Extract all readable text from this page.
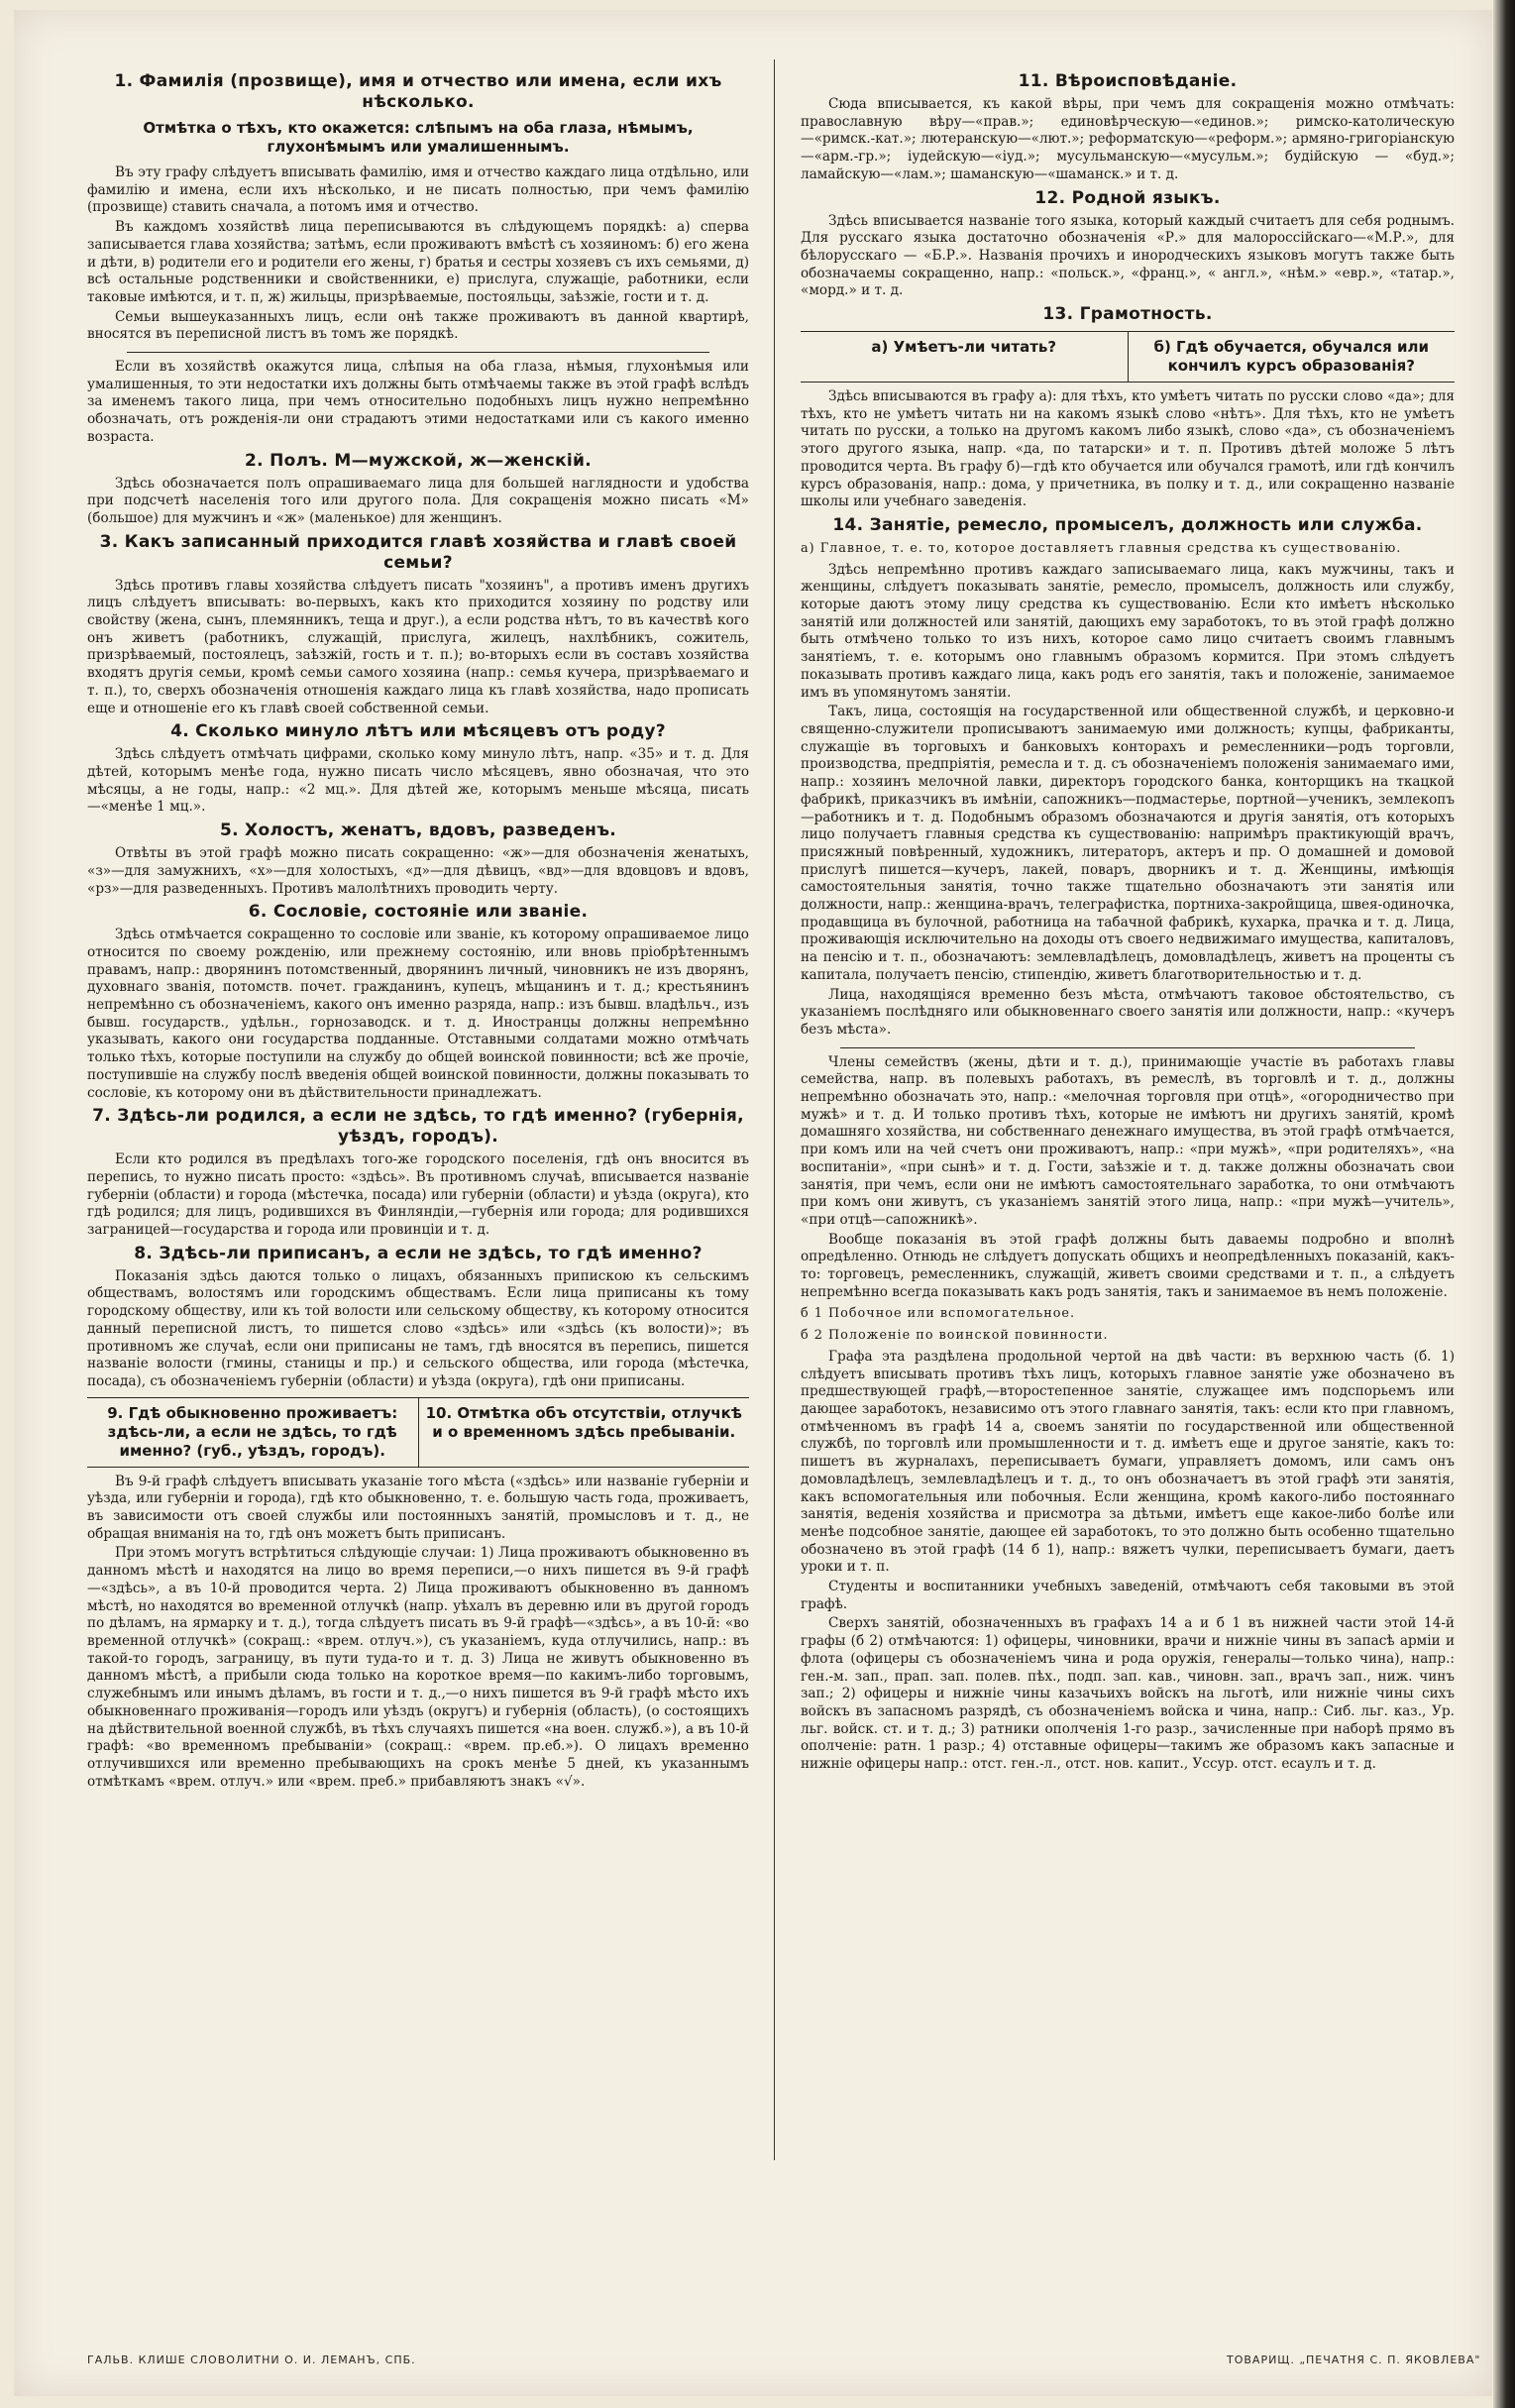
1. Фамилія (прозвище), имя и отчество или имена, если ихъ нѣсколько.
Отмѣтка о тѣхъ, кто окажется: слѣпымъ на оба глаза, нѣмымъ, глухонѣмымъ или умалишеннымъ.

Въ эту графу слѣдуетъ вписывать фамилію, имя и отчество каждаго лица отдѣльно, или фамилію и имена, если ихъ нѣсколько, и не писать полностью, при чемъ фамилію (прозвище) ставить сначала, а потомъ имя и отчество.

Въ каждомъ хозяйствѣ лица переписываются въ слѣдующемъ порядкѣ: а) сперва записывается глава хозяйства; затѣмъ, если проживаютъ вмѣстѣ съ хозяиномъ: б) его жена и дѣти, в) родители его и родители его жены, г) братья и сестры хозяевъ съ ихъ семьями, д) всѣ остальные родственники и свойственники, е) прислуга, служащіе, работники, если таковые имѣются, и т. п, ж) жильцы, призрѣваемые, постояльцы, заѣзжіе, гости и т. д.

Семьи вышеуказанныхъ лицъ, если онѣ также проживаютъ въ данной квартирѣ, вносятся въ переписной листъ въ томъ же порядкѣ.

Если въ хозяйствѣ окажутся лица, слѣпыя на оба глаза, нѣмыя, глухонѣмыя или умалишенныя, то эти недостатки ихъ должны быть отмѣчаемы также въ этой графѣ вслѣдъ за именемъ такого лица, при чемъ относительно подобныхъ лицъ нужно непремѣнно обозначать, отъ рожденія-ли они страдаютъ этими недостатками или съ какого именно возраста.

2. Полъ. М—мужской, ж—женскій.

Здѣсь обозначается полъ опрашиваемаго лица для большей наглядности и удобства при подсчетѣ населенія того или другого пола. Для сокращенія можно писать «М» (большое) для мужчинъ и «ж» (маленькое) для женщинъ.

3. Какъ записанный приходится главѣ хозяйства и главѣ своей семьи?

Здѣсь противъ главы хозяйства слѣдуетъ писать "хозяинъ", а противъ именъ другихъ лицъ слѣдуетъ вписывать: во-первыхъ, какъ кто приходится хозяину по родству или свойству (жена, сынъ, племянникъ, теща и друг.), а если родства нѣтъ, то въ качествѣ кого онъ живетъ (работникъ, служащій, прислуга, жилецъ, нахлѣбникъ, сожитель, призрѣваемый, постоялецъ, заѣзжій, гость и т. п.); во-вторыхъ если въ составъ хозяйства входятъ другія семьи, кромѣ семьи самого хозяина (напр.: семья кучера, призрѣваемаго и т. п.), то, сверхъ обозначенія отношенія каждаго лица къ главѣ хозяйства, надо прописать еще и отношеніе его къ главѣ своей собственной семьи.

4. Сколько минуло лѣтъ или мѣсяцевъ отъ роду?

Здѣсь слѣдуетъ отмѣчать цифрами, сколько кому минуло лѣтъ, напр. «35» и т. д. Для дѣтей, которымъ менѣе года, нужно писать число мѣсяцевъ, явно обозначая, что это мѣсяцы, а не годы, напр.: «2 мц.». Для дѣтей же, которымъ меньше мѣсяца, писать—«менѣе 1 мц.».

5. Холостъ, женатъ, вдовъ, разведенъ.

Отвѣты въ этой графѣ можно писать сокращенно: «ж»—для обозначенія женатыхъ, «з»—для замужнихъ, «х»—для холостыхъ, «д»—для дѣвицъ, «вд»—для вдовцовъ и вдовъ, «рз»—для разведенныхъ. Противъ малолѣтнихъ проводить черту.

6. Сословіе, состояніе или званіе.

Здѣсь отмѣчается сокращенно то сословіе или званіе, къ которому опрашиваемое лицо относится по своему рожденію, или прежнему состоянію, или вновь пріобрѣтеннымъ правамъ, напр.: дворянинъ потомственный, дворянинъ личный, чиновникъ не изъ дворянъ, духовнаго званія, потомств. почет. гражданинъ, купецъ, мѣщанинъ и т. д.; крестьянинъ непремѣнно съ обозначеніемъ, какого онъ именно разряда, напр.: изъ бывш. владѣльч., изъ бывш. государств., удѣльн., горнозаводск. и т. д. Иностранцы должны непремѣнно указывать, какого они государства подданные. Отставными солдатами можно отмѣчать только тѣхъ, которые поступили на службу до общей воинской повинности; всѣ же прочіе, поступившіе на службу послѣ введенія общей воинской повинности, должны показывать то сословіе, къ которому они въ дѣйствительности принадлежатъ.

7. Здѣсь-ли родился, а если не здѣсь, то гдѣ именно? (губернія, уѣздъ, городъ).

Если кто родился въ предѣлахъ того-же городского поселенія, гдѣ онъ вносится въ перепись, то нужно писать просто: «здѣсь». Въ противномъ случаѣ, вписывается названіе губерніи (области) и города (мѣстечка, посада) или губерніи (области) и уѣзда (округа), кто гдѣ родился; для лицъ, родившихся въ Финляндіи,—губернія или города; для родившихся заграницей—государства и города или провинціи и т. д.

8. Здѣсь-ли приписанъ, а если не здѣсь, то гдѣ именно?

Показанія здѣсь даются только о лицахъ, обязанныхъ припискою къ сельскимъ обществамъ, волостямъ или городскимъ обществамъ. Если лица приписаны къ тому городскому обществу, или къ той волости или сельскому обществу, къ которому относится данный переписной листъ, то пишется слово «здѣсь» или «здѣсь (къ волости)»; въ противномъ же случаѣ, если они приписаны не тамъ, гдѣ вносятся въ перепись, пишется названіе волости (гмины, станицы и пр.) и сельского общества, или города (мѣстечка, посада), съ обозначеніемъ губерніи (области) и уѣзда (округа), гдѣ они приписаны.

9. Гдѣ обыкновенно проживаетъ: здѣсь-ли, а если не здѣсь, то гдѣ именно? (губ., уѣздъ, городъ).
10. Отмѣтка объ отсутствіи, отлучкѣ и о временномъ здѣсь пребываніи.

Въ 9-й графѣ слѣдуетъ вписывать указаніе того мѣста («здѣсь» или названіе губерніи и уѣзда, или губерніи и города), гдѣ кто обыкновенно, т. е. большую часть года, проживаетъ, въ зависимости отъ своей службы или постоянныхъ занятій, промысловъ и т. д., не обращая вниманія на то, гдѣ онъ можетъ быть приписанъ.

При этомъ могутъ встрѣтиться слѣдующіе случаи: 1) Лица проживаютъ обыкновенно въ данномъ мѣстѣ и находятся на лицо во время переписи,—о нихъ пишется въ 9-й графѣ—«здѣсь», а въ 10-й проводится черта. 2) Лица проживаютъ обыкновенно въ данномъ мѣстѣ, но находятся во временной отлучкѣ (напр. уѣхалъ въ деревню или въ другой городъ по дѣламъ, на ярмарку и т. д.), тогда слѣдуетъ писать въ 9-й графѣ—«здѣсь», а въ 10-й: «во временной отлучкѣ» (сокращ.: «врем. отлуч.»), съ указаніемъ, куда отлучились, напр.: въ такой-то городъ, заграницу, въ пути туда-то и т. д. 3) Лица не живутъ обыкновенно въ данномъ мѣстѣ, а прибыли сюда только на короткое время—по какимъ-либо торговымъ, служебнымъ или инымъ дѣламъ, въ гости и т. д.,—о нихъ пишется въ 9-й графѣ мѣсто ихъ обыкновеннаго проживанія—городъ или уѣздъ (округъ) и губернія (область), (о состоящихъ на дѣйствительной военной службѣ, въ тѣхъ случаяхъ пишется «на воен. служб.»), а въ 10-й графѣ: «во временномъ пребываніи» (сокращ.: «врем. пр.еб.»). О лицахъ временно отлучившихся или временно пребывающихъ на срокъ менѣе 5 дней, къ указаннымъ отмѣткамъ «врем. отлуч.» или «врем. преб.» прибавляютъ знакъ «√».

11. Вѣроисповѣданіе.

Сюда вписывается, къ какой вѣры, при чемъ для сокращенія можно отмѣчать: православную вѣру—«прав.»; единовѣрческую—«единов.»; римско-католическую—«римск.-кат.»; лютеранскую—«лют.»; реформатскую—«реформ.»; армяно-григоріанскую—«арм.-гр.»; іудейскую—«іуд.»; мусульманскую—«мусульм.»; будійскую — «буд.»; ламайскую—«лам.»; шаманскую—«шаманск.» и т. д.

12. Родной языкъ.

Здѣсь вписывается названіе того языка, который каждый считаетъ для себя роднымъ. Для русскаго языка достаточно обозначенія «Р.» для малороссійскаго—«М.Р.», для бѣлорусскаго — «Б.Р.». Названія прочихъ и инородческихъ языковъ могутъ также быть обозначаемы сокращенно, напр.: «польск.», «франц.», « англ.», «нѣм.» «евр.», «татар.», «морд.» и т. д.

13. Грамотность.
а) Умѣетъ-ли читать?	б) Гдѣ обучается, обучался или кончилъ курсъ образованія?

Здѣсь вписываются въ графу а): для тѣхъ, кто умѣетъ читать по русски слово «да»; для тѣхъ, кто не умѣетъ читать ни на какомъ языкѣ слово «нѣтъ». Для тѣхъ, кто не умѣетъ читать по русски, а только на другомъ какомъ либо языкѣ, слово «да», съ обозначеніемъ этого другого языка, напр. «да, по татарски» и т. п. Противъ дѣтей моложе 5 лѣтъ проводится черта. Въ графу б)—гдѣ кто обучается или обучался грамотѣ, или гдѣ кончилъ курсъ образованія, напр.: дома, у причетника, въ полку и т. д., или сокращенно названіе школы или учебнаго заведенія.

14. Занятіе, ремесло, промыселъ, должность или служба.
а) Главное, т. е. то, которое доставляетъ главныя средства къ существованію.

Здѣсь непремѣнно противъ каждаго записываемаго лица, какъ мужчины, такъ и женщины, слѣдуетъ показывать занятіе, ремесло, промыселъ, должность или службу, которые даютъ этому лицу средства къ существованію. Если кто имѣетъ нѣсколько занятій или должностей или занятій, дающихъ ему заработокъ, то въ этой графѣ должно быть отмѣчено только то изъ нихъ, которое само лицо считаетъ своимъ главнымъ занятіемъ, т. е. которымъ оно главнымъ образомъ кормится. При этомъ слѣдуетъ показывать противъ каждаго лица, какъ родъ его занятія, такъ и положеніе, занимаемое имъ въ упомянутомъ занятіи.

Такъ, лица, состоящія на государственной или общественной службѣ, и церковно-и священно-служители прописываютъ занимаемую ими должность; купцы, фабриканты, служащіе въ торговыхъ и банковыхъ конторахъ и ремесленники—родъ торговли, производства, предпріятія, ремесла и т. д. съ обозначеніемъ положенія занимаемаго ими, напр.: хозяинъ мелочной лавки, директоръ городского банка, конторщикъ на ткацкой фабрикѣ, приказчикъ въ имѣніи, сапожникъ—подмастерье, портной—ученикъ, землекопъ—работникъ и т. д. Подобнымъ образомъ обозначаются и другія занятія, отъ которыхъ лицо получаетъ главныя средства къ существованію: напримѣръ практикующій врачъ, присяжный повѣренный, художникъ, литераторъ, актеръ и пр. О домашней и домовой прислугѣ пишется—кучеръ, лакей, поваръ, дворникъ и т. д. Женщины, имѣющія самостоятельныя занятія, точно также тщательно обозначаютъ эти занятія или должности, напр.: женщина-врачъ, телеграфистка, портниха-закройщица, швея-одиночка, продавщица въ булочной, работница на табачной фабрикѣ, кухарка, прачка и т. д. Лица, проживающія исключительно на доходы отъ своего недвижимаго имущества, капиталовъ, на пенсію и т. п., обозначаютъ: землевладѣлецъ, домовладѣлецъ, живетъ на проценты съ капитала, получаетъ пенсію, стипендію, живетъ благотворительностью и т. д.

Лица, находящіяся временно безъ мѣста, отмѣчаютъ таковое обстоятельство, съ указаніемъ послѣдняго или обыкновеннаго своего занятія или должности, напр.: «кучеръ безъ мѣста».

Члены семействъ (жены, дѣти и т. д.), принимающіе участіе въ работахъ главы семейства, напр. въ полевыхъ работахъ, въ ремеслѣ, въ торговлѣ и т. д., должны непремѣнно обозначать это, напр.: «мелочная торговля при отцѣ», «огородничество при мужѣ» и т. д. И только противъ тѣхъ, которые не имѣютъ ни другихъ занятій, кромѣ домашняго хозяйства, ни собственнаго денежнаго имущества, въ этой графѣ отмѣчается, при комъ или на чей счетъ они проживаютъ, напр.: «при мужѣ», «при родителяхъ», «на воспитаніи», «при сынѣ» и т. д. Гости, заѣзжіе и т. д. также должны обозначать свои занятія, при чемъ, если они не имѣютъ самостоятельнаго заработка, то они отмѣчаютъ при комъ они живутъ, съ указаніемъ занятій этого лица, напр.: «при мужѣ—учитель», «при отцѣ—сапожникѣ».

Вообще показанія въ этой графѣ должны быть даваемы подробно и вполнѣ опредѣленно. Отнюдь не слѣдуетъ допускать общихъ и неопредѣленныхъ показаній, какъ-то: торговецъ, ремесленникъ, служащій, живетъ своими средствами и т. п., а слѣдуетъ непремѣнно всегда показывать какъ родъ занятія, такъ и занимаемое въ немъ положеніе.

б 1 Побочное или вспомогательное.
б 2 Положеніе по воинской повинности.

Графа эта раздѣлена продольной чертой на двѣ части: въ верхнюю часть (б. 1) слѣдуетъ вписывать противъ тѣхъ лицъ, которыхъ главное занятіе уже обозначено въ предшествующей графѣ,—второстепенное занятіе, служащее имъ подспорьемъ или дающее заработокъ, независимо отъ этого главнаго занятія, такъ: если кто при главномъ, отмѣченномъ въ графѣ 14 а, своемъ занятіи по государственной или общественной службѣ, по торговлѣ или промышленности и т. д. имѣетъ еще и другое занятіе, какъ то: пишетъ въ журналахъ, переписываетъ бумаги, управляетъ домомъ, или самъ онъ домовладѣлецъ, землевладѣлецъ и т. д., то онъ обозначаетъ въ этой графѣ эти занятія, какъ вспомогательныя или побочныя. Если женщина, кромѣ какого-либо постояннаго занятія, веденія хозяйства и присмотра за дѣтьми, имѣетъ еще какое-либо болѣе или менѣе подсобное занятіе, дающее ей заработокъ, то это должно быть особенно тщательно обозначено въ этой графѣ (14 б 1), напр.: вяжетъ чулки, переписываетъ бумаги, даетъ уроки и т. п.

Студенты и воспитанники учебныхъ заведеній, отмѣчаютъ себя таковыми въ этой графѣ.

Сверхъ занятій, обозначенныхъ въ графахъ 14 а и б 1 въ нижней части этой 14-й графы (б 2) отмѣчаются: 1) офицеры, чиновники, врачи и нижніе чины въ запасѣ арміи и флота (офицеры съ обозначеніемъ чина и рода оружія, генералы—только чина), напр.: ген.-м. зап., прап. зап. полев. пѣх., подп. зап. кав., чиновн. зап., врачъ зап., ниж. чинъ зап.; 2) офицеры и нижніе чины казачьихъ войскъ на льготѣ, или нижніе чины сихъ войскъ въ запасномъ разрядѣ, съ обозначеніемъ войска и чина, напр.: Сиб. льг. каз., Ур. льг. войск. ст. и т. д.; 3) ратники ополченія 1-го разр., зачисленные при наборѣ прямо въ ополченіе: ратн. 1 разр.; 4) отставные офицеры—такимъ же образомъ какъ запасные и нижніе офицеры напр.: отст. ген.-л., отст. нов. капит., Уссур. отст. есаулъ и т. д.

ГАЛЬВ. КЛИШЕ СЛОВОЛИТНИ О. И. ЛЕМАНЪ, СПБ.	ТОВАРИЩ. „ПЕЧАТНЯ С. П. ЯКОВЛЕВА"
